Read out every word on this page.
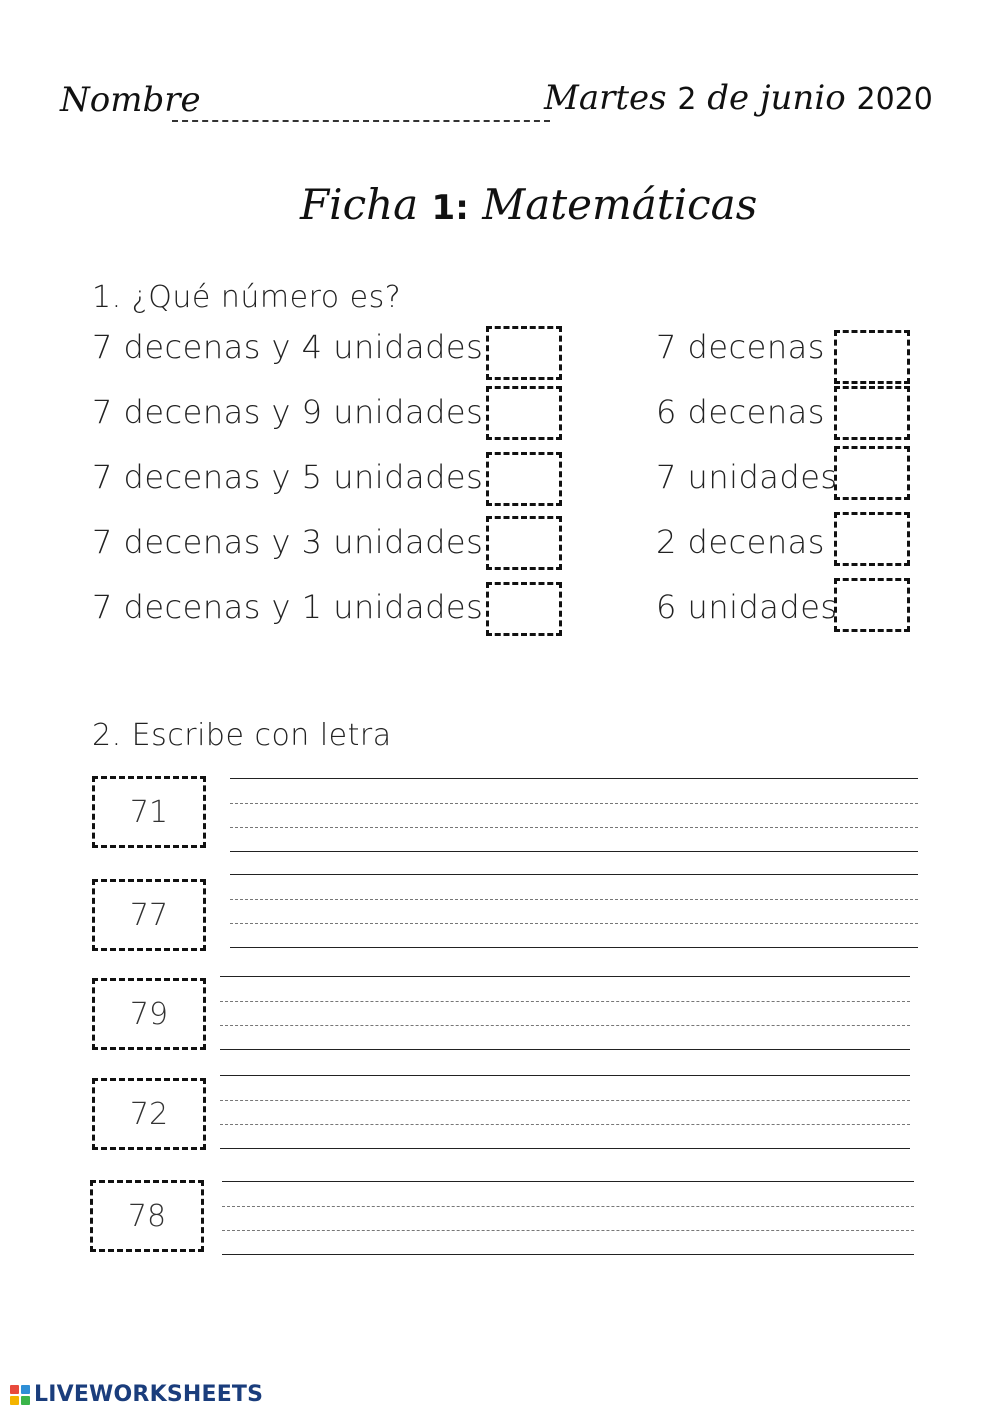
Nombre	Martes 2 de junio 2020
Ficha 1: Matemáticas
1. ¿Qué número es?
7 decenas y 4 unidades
7 decenas y 9 unidades
7 decenas y 5 unidades
7 decenas y 3 unidades
7 decenas y 1 unidades
7 decenas
6 decenas
7 unidades
2 decenas
6 unidades
2. Escribe con letra
71
77
79
72
78
LIVEWORKSHEETS
